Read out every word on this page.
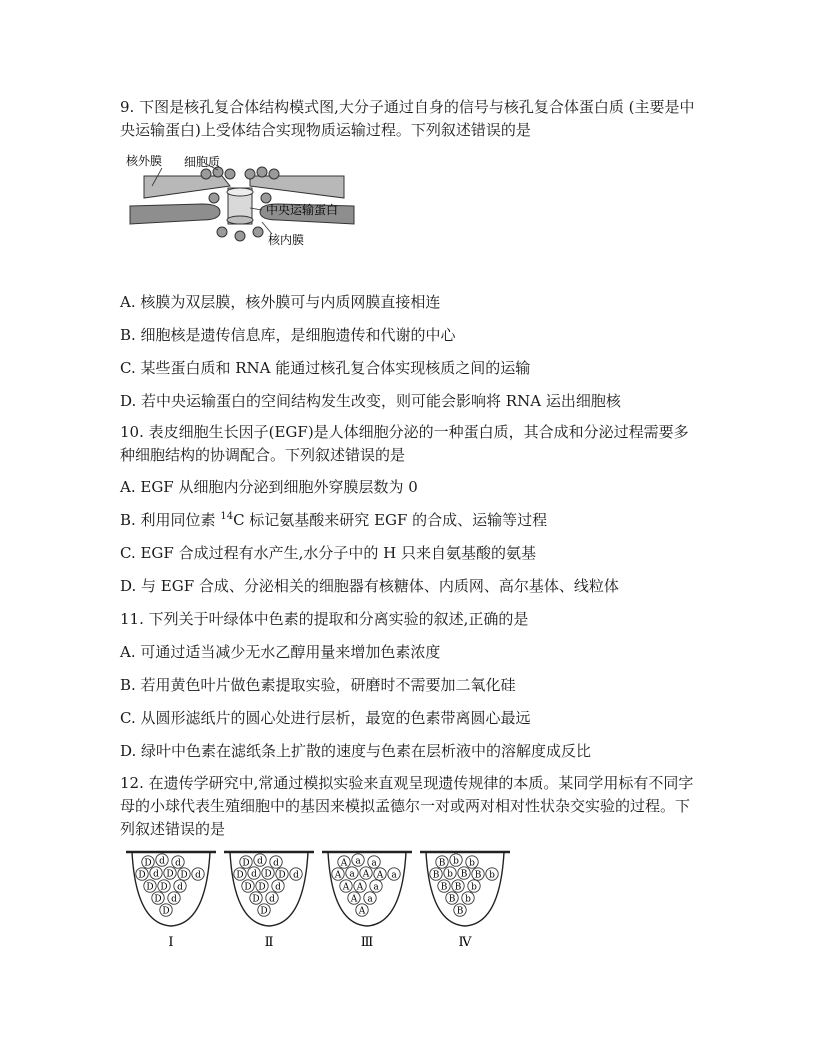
9. 下图是核孔复合体结构模式图,大分子通过自身的信号与核孔复合体蛋白质 (主要是中央运输蛋白)上受体结合实现物质运输过程。下列叙述错误的是
核外膜 细胞质
中央运输蛋白
核内膜
A. 核膜为双层膜，核外膜可与内质网膜直接相连
B. 细胞核是遗传信息库，是细胞遗传和代谢的中心
C. 某些蛋白质和 RNA 能通过核孔复合体实现核质之间的运输
D. 若中央运输蛋白的空间结构发生改变，则可能会影响将 RNA 运出细胞核
10. 表皮细胞生长因子(EGF)是人体细胞分泌的一种蛋白质，其合成和分泌过程需要多种细胞结构的协调配合。下列叙述错误的是
A. EGF 从细胞内分泌到细胞外穿膜层数为 0
B. 利用同位素 $^{14}$C 标记氨基酸来研究 EGF 的合成、运输等过程
C. EGF 合成过程有水产生,水分子中的 H 只来自氨基酸的氨基
D. 与 EGF 合成、分泌相关的细胞器有核糖体、内质网、高尔基体、线粒体
11. 下列关于叶绿体中色素的提取和分离实验的叙述,正确的是
A. 可通过适当减少无水乙醇用量来增加色素浓度
B. 若用黄色叶片做色素提取实验，研磨时不需要加二氧化硅
C. 从圆形滤纸片的圆心处进行层析，最宽的色素带离圆心最远
D. 绿叶中色素在滤纸条上扩散的速度与色素在层析液中的溶解度成反比
12. 在遗传学研究中,常通过模拟实验来直观呈现遗传规律的本质。某同学用标有不同字母的小球代表生殖细胞中的基因来模拟孟德尔一对或两对相对性状杂交实验的过程。下列叙述错误的是
D d d
D d D D d
D D d
D d
D
Ⅰ
D d d
D d D D d
D D d
D d
D
Ⅱ
A a a
A a A A a
A A a
A a
A
Ⅲ
B b b
B b B B b
B B b
B b
B
Ⅳ
